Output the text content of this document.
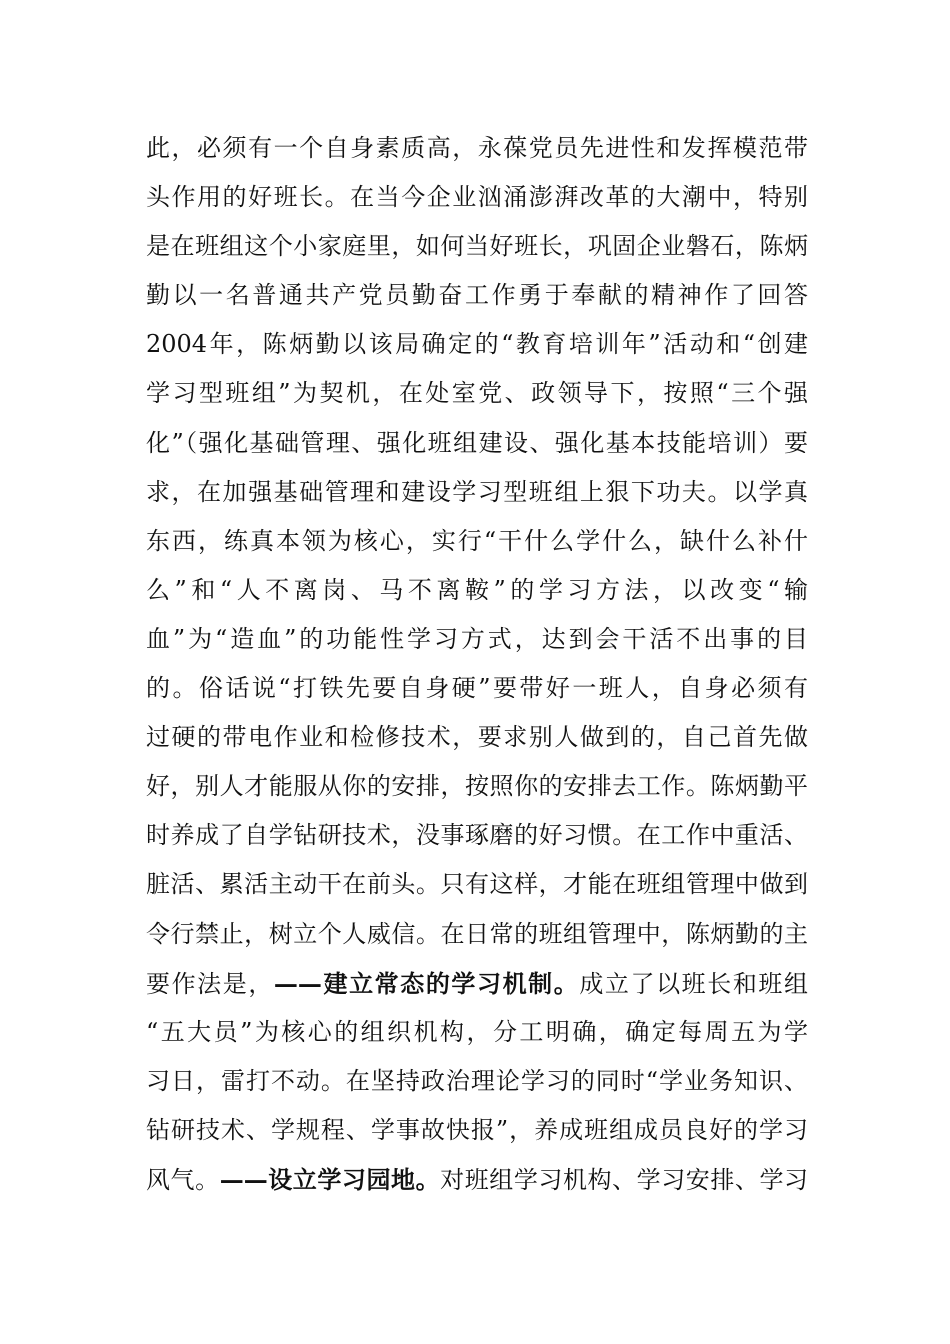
此，必须有一个自身素质高，永葆党员先进性和发挥模范带
头作用的好班长。在当今企业汹涌澎湃改革的大潮中，特别
是在班组这个小家庭里，如何当好班长，巩固企业磐石，陈炳
勤以一名普通共产党员勤奋工作勇于奉献的精神作了回答
2004年，陈炳勤以该局确定的“教育培训年”活动和“创建
学习型班组”为契机，在处室党、政领导下，按照“三个强
化”（强化基础管理、强化班组建设、强化基本技能培训）要
求，在加强基础管理和建设学习型班组上狠下功夫。以学真
东西，练真本领为核心，实行“干什么学什么，缺什么补什
么”和“人不离岗、马不离鞍”的学习方法，以改变“输
血”为“造血”的功能性学习方式，达到会干活不出事的目
的。俗话说“打铁先要自身硬”要带好一班人，自身必须有
过硬的带电作业和检修技术，要求别人做到的，自己首先做
好，别人才能服从你的安排，按照你的安排去工作。陈炳勤平
时养成了自学钻研技术，没事琢磨的好习惯。在工作中重活、
脏活、累活主动干在前头。只有这样，才能在班组管理中做到
令行禁止，树立个人威信。在日常的班组管理中，陈炳勤的主
要作法是，——建立常态的学习机制。成立了以班长和班组
“五大员”为核心的组织机构，分工明确，确定每周五为学
习日，雷打不动。在坚持政治理论学习的同时“学业务知识、
钻研技术、学规程、学事故快报”，养成班组成员良好的学习
风气。——设立学习园地。对班组学习机构、学习安排、学习
